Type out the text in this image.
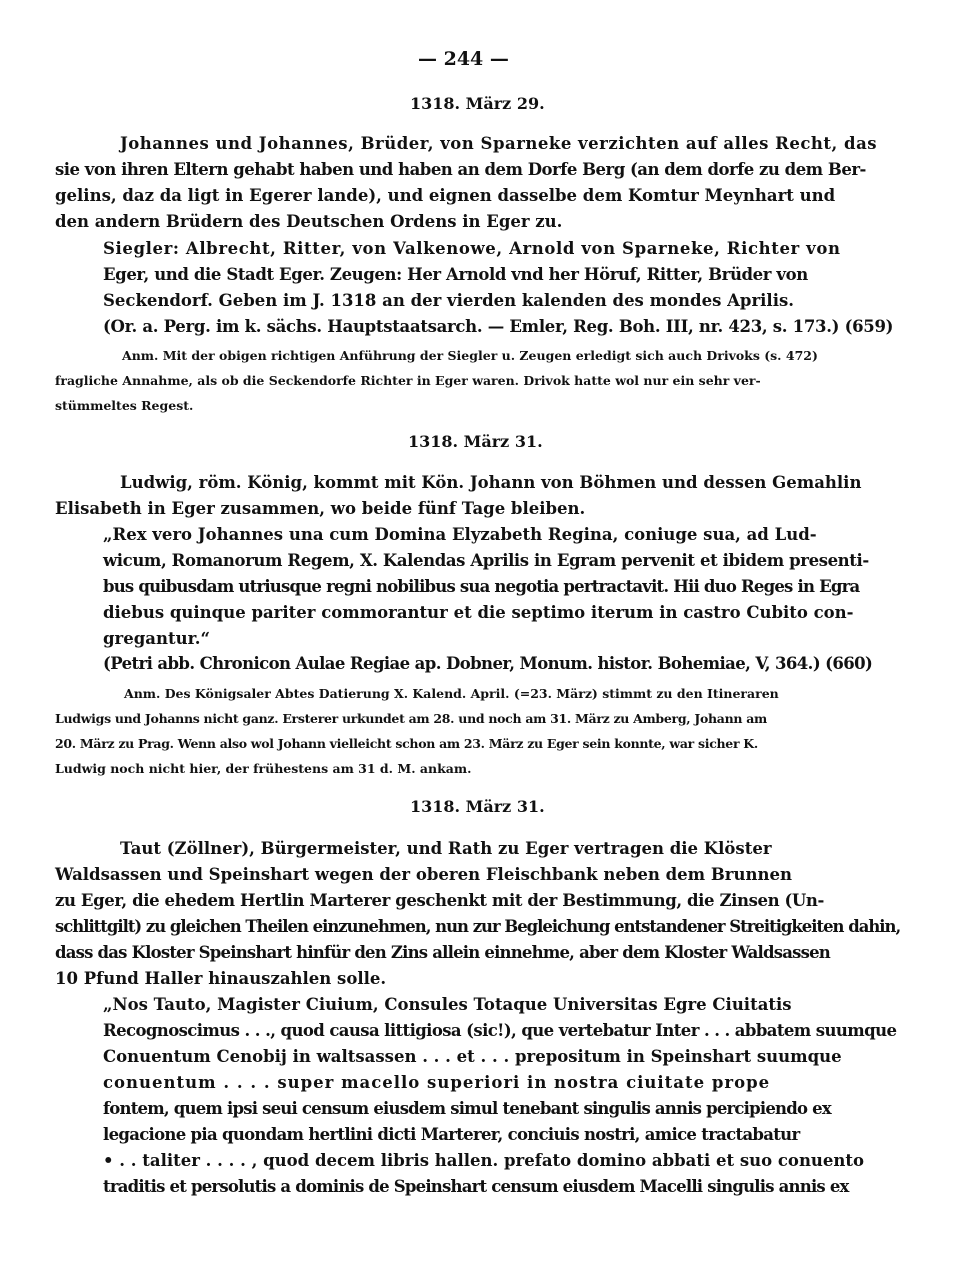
— 244 —
1318. März 29.
Johannes und Johannes, Brüder, von Sparneke verzichten auf alles Recht, das
sie von ihren Eltern gehabt haben und haben an dem Dorfe Berg (an dem dorfe zu dem Ber-
gelins, daz da ligt in Egerer lande), und eignen dasselbe dem Komtur Meynhart und
den andern Brüdern des Deutschen Ordens in Eger zu.
Siegler: Albrecht, Ritter, von Valkenowe, Arnold von Sparneke, Richter von
Eger, und die Stadt Eger. Zeugen: Her Arnold vnd her Höruf, Ritter, Brüder von
Seckendorf. Geben im J. 1318 an der vierden kalenden des mondes Aprilis.
(Or. a. Perg. im k. sächs. Hauptstaatsarch. — Emler, Reg. Boh. III, nr. 423, s. 173.) (659)
Anm. Mit der obigen richtigen Anführung der Siegler u. Zeugen erledigt sich auch Drivoks (s. 472)
fragliche Annahme, als ob die Seckendorfe Richter in Eger waren. Drivok hatte wol nur ein sehr ver-
stümmeltes Regest.
1318. März 31.
Ludwig, röm. König, kommt mit Kön. Johann von Böhmen und dessen Gemahlin
Elisabeth in Eger zusammen, wo beide fünf Tage bleiben.
„Rex vero Johannes una cum Domina Elyzabeth Regina, coniuge sua, ad Lud-
wicum, Romanorum Regem, X. Kalendas Aprilis in Egram pervenit et ibidem presenti-
bus quibusdam utriusque regni nobilibus sua negotia pertractavit. Hii duo Reges in Egra
diebus quinque pariter commorantur et die septimo iterum in castro Cubito con-
gregantur.“
(Petri abb. Chronicon Aulae Regiae ap. Dobner, Monum. histor. Bohemiae, V, 364.) (660)
Anm. Des Königsaler Abtes Datierung X. Kalend. April. (=23. März) stimmt zu den Itineraren
Ludwigs und Johanns nicht ganz. Ersterer urkundet am 28. und noch am 31. März zu Amberg, Johann am
20. März zu Prag. Wenn also wol Johann vielleicht schon am 23. März zu Eger sein konnte, war sicher K.
Ludwig noch nicht hier, der frühestens am 31 d. M. ankam.
1318. März 31.
Taut (Zöllner), Bürgermeister, und Rath zu Eger vertragen die Klöster
Waldsassen und Speinshart wegen der oberen Fleischbank neben dem Brunnen
zu Eger, die ehedem Hertlin Marterer geschenkt mit der Bestimmung, die Zinsen (Un-
schlittgilt) zu gleichen Theilen einzunehmen, nun zur Begleichung entstandener Streitigkeiten dahin,
dass das Kloster Speinshart hinfür den Zins allein einnehme, aber dem Kloster Waldsassen
10 Pfund Haller hinauszahlen solle.
„Nos Tauto, Magister Ciuium, Consules Totaque Universitas Egre Ciuitatis
Recognoscimus . . ., quod causa littigiosa (sic!), que vertebatur Inter . . . abbatem suumque
Conuentum Cenobij in waltsassen . . . et . . . prepositum in Speinshart suumque
conuentum . . . . super macello superiori in nostra ciuitate prope
fontem, quem ipsi seui censum eiusdem simul tenebant singulis annis percipiendo ex
legacione pia quondam hertlini dicti Marterer, conciuis nostri, amice tractabatur
• . . taliter . . . . , quod decem libris hallen. prefato domino abbati et suo conuento
traditis et persolutis a dominis de Speinshart censum eiusdem Macelli singulis annis ex
